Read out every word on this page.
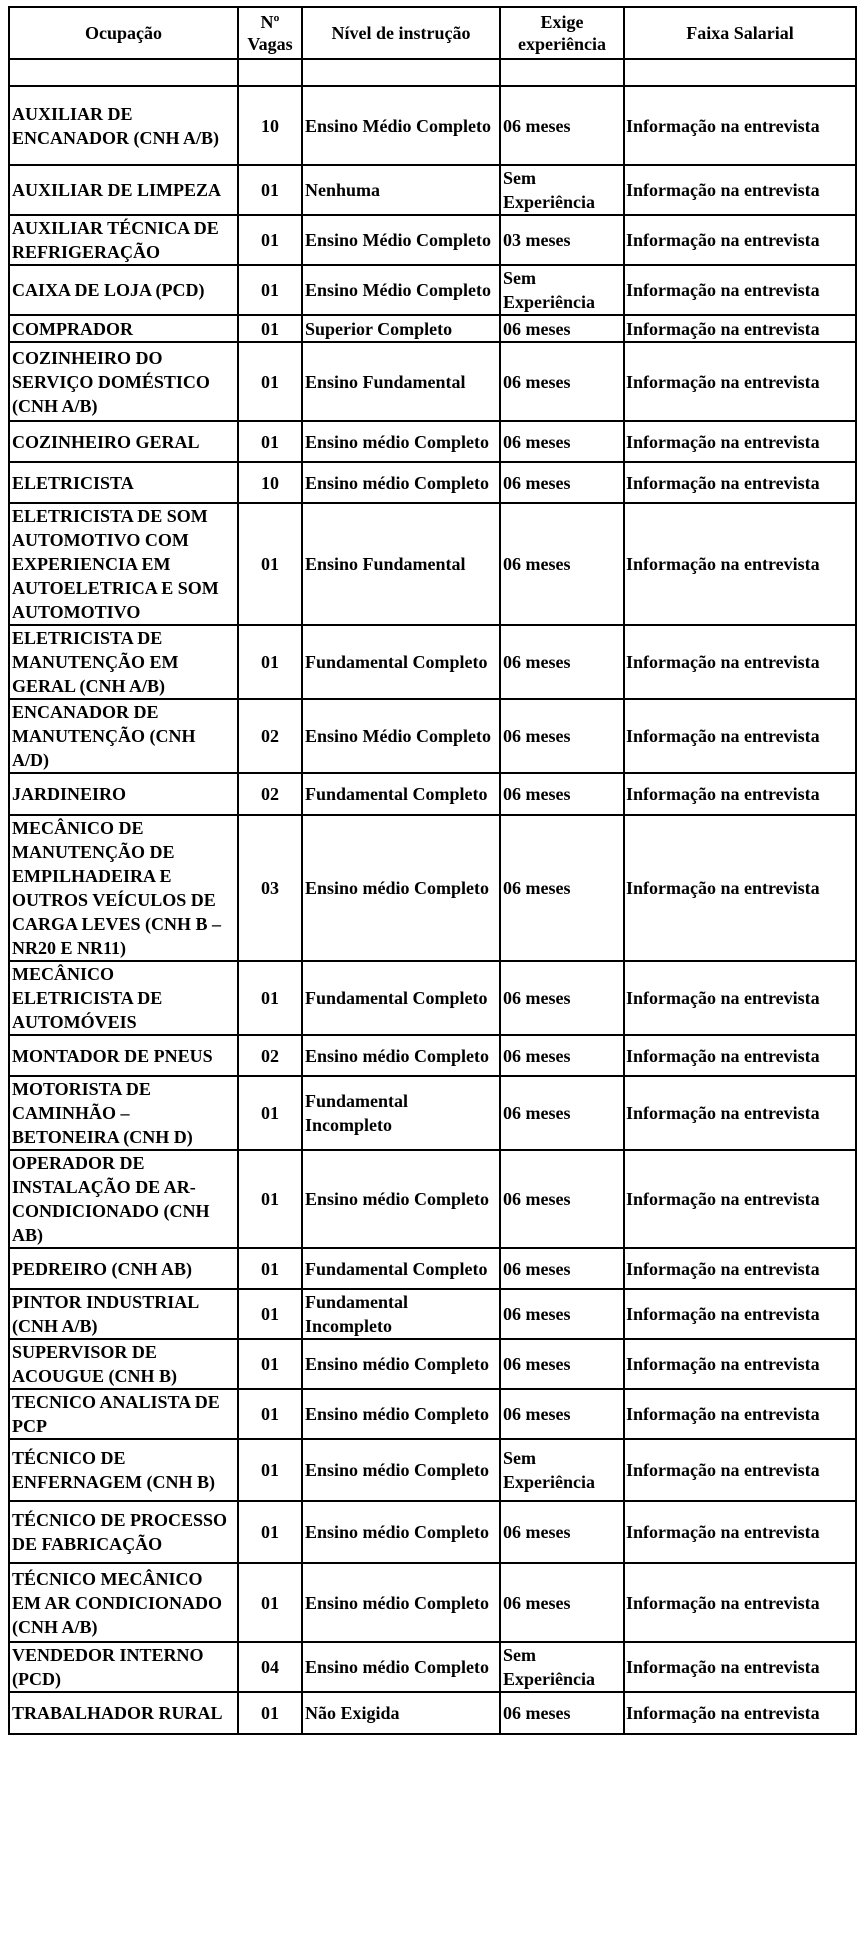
Ocupação	Nº Vagas	Nível de instrução	Exige experiência	Faixa Salarial

AUXILIAR DE ENCANADOR (CNH A/B)	10	Ensino Médio Completo	06 meses	Informação na entrevista
AUXILIAR DE LIMPEZA	01	Nenhuma	Sem Experiência	Informação na entrevista
AUXILIAR TÉCNICA DE REFRIGERAÇÃO	01	Ensino Médio Completo	03 meses	Informação na entrevista
CAIXA DE LOJA (PCD)	01	Ensino Médio Completo	Sem Experiência	Informação na entrevista
COMPRADOR	01	Superior Completo	06 meses	Informação na entrevista
COZINHEIRO DO SERVIÇO DOMÉSTICO (CNH A/B)	01	Ensino Fundamental	06 meses	Informação na entrevista
COZINHEIRO GERAL	01	Ensino médio Completo	06 meses	Informação na entrevista
ELETRICISTA	10	Ensino médio Completo	06 meses	Informação na entrevista
ELETRICISTA DE SOM AUTOMOTIVO COM EXPERIENCIA EM AUTOELETRICA E SOM AUTOMOTIVO	01	Ensino Fundamental	06 meses	Informação na entrevista
ELETRICISTA DE MANUTENÇÃO EM GERAL (CNH A/B)	01	Fundamental Completo	06 meses	Informação na entrevista
ENCANADOR DE MANUTENÇÃO (CNH A/D)	02	Ensino Médio Completo	06 meses	Informação na entrevista
JARDINEIRO	02	Fundamental Completo	06 meses	Informação na entrevista
MECÂNICO DE MANUTENÇÃO DE EMPILHADEIRA E OUTROS VEÍCULOS DE CARGA LEVES (CNH B – NR20 E NR11)	03	Ensino médio Completo	06 meses	Informação na entrevista
MECÂNICO ELETRICISTA DE AUTOMÓVEIS	01	Fundamental Completo	06 meses	Informação na entrevista
MONTADOR DE PNEUS	02	Ensino médio Completo	06 meses	Informação na entrevista
MOTORISTA DE CAMINHÃO – BETONEIRA (CNH D)	01	Fundamental Incompleto	06 meses	Informação na entrevista
OPERADOR DE INSTALAÇÃO DE AR-CONDICIONADO (CNH AB)	01	Ensino médio Completo	06 meses	Informação na entrevista
PEDREIRO (CNH AB)	01	Fundamental Completo	06 meses	Informação na entrevista
PINTOR INDUSTRIAL (CNH A/B)	01	Fundamental Incompleto	06 meses	Informação na entrevista
SUPERVISOR DE ACOUGUE (CNH B)	01	Ensino médio Completo	06 meses	Informação na entrevista
TECNICO ANALISTA DE PCP	01	Ensino médio Completo	06 meses	Informação na entrevista
TÉCNICO DE ENFERNAGEM (CNH B)	01	Ensino médio Completo	Sem Experiência	Informação na entrevista
TÉCNICO DE PROCESSO DE FABRICAÇÃO	01	Ensino médio Completo	06 meses	Informação na entrevista
TÉCNICO MECÂNICO EM AR CONDICIONADO (CNH A/B)	01	Ensino médio Completo	06 meses	Informação na entrevista
VENDEDOR INTERNO (PCD)	04	Ensino médio Completo	Sem Experiência	Informação na entrevista
TRABALHADOR RURAL	01	Não Exigida	06 meses	Informação na entrevista
